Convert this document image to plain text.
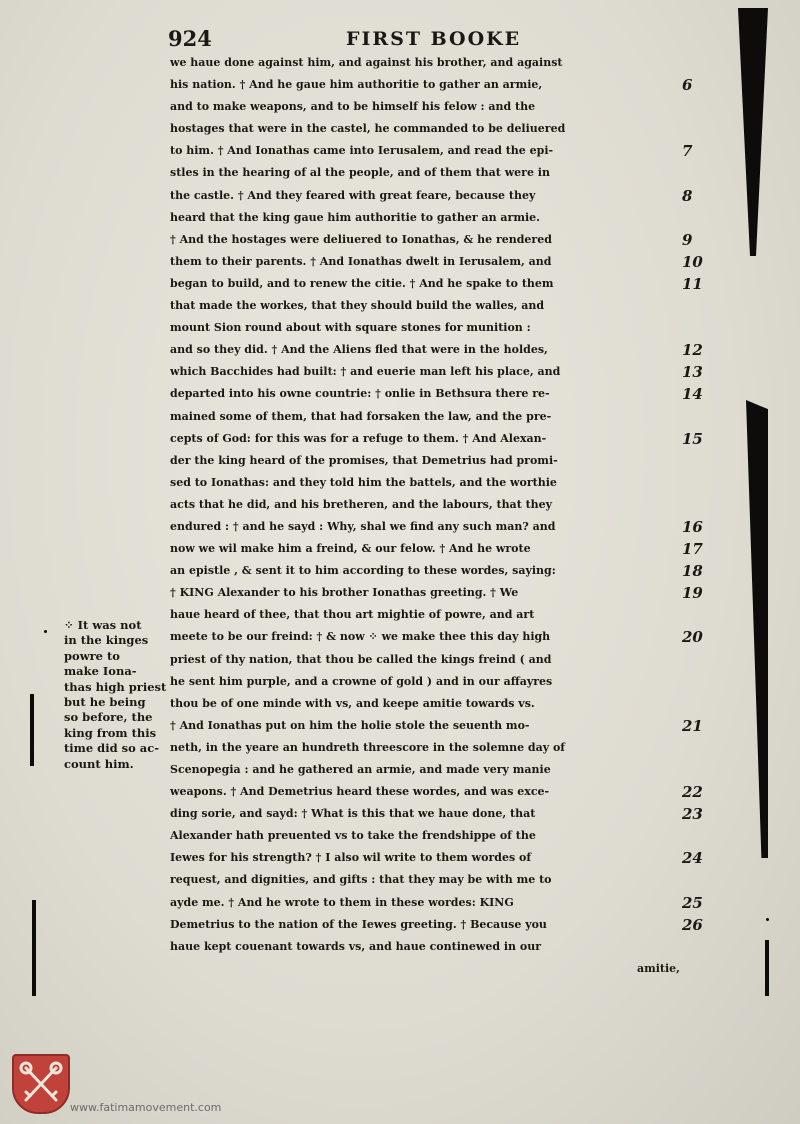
924	FIRST BOOKE
we haue done against him, and against his brother, and against
his nation. † And he gaue him authoritie to gather an armie,
and to make weapons, and to be himself his felow : and the
hostages that were in the castel, he commanded to be deliuered
to him. † And Ionathas came into Ierusalem, and read the epi-
stles in the hearing of al the people, and of them that were in
the castle. † And they feared with great feare, because they
heard that the king gaue him authoritie to gather an armie.
† And the hostages were deliuered to Ionathas, & he rendered
them to their parents. † And Ionathas dwelt in Ierusalem, and
began to build, and to renew the citie. † And he spake to them
that made the workes, that they should build the walles, and
mount Sion round about with square stones for munition :
and so they did. † And the Aliens fled that were in the holdes,
which Bacchides had built: † and euerie man left his place, and
departed into his owne countrie: † onlie in Bethsura there re-
mained some of them, that had forsaken the law, and the pre-
cepts of God: for this was for a refuge to them. † And Alexan-
der the king heard of the promises, that Demetrius had promi-
sed to Ionathas: and they told him the battels, and the worthie
acts that he did, and his bretheren, and the labours, that they
endured : † and he sayd : Why, shal we find any such man? and
now we wil make him a freind, & our felow. † And he wrote
an epistle , & sent it to him according to these wordes, saying:
† KING Alexander to his brother Ionathas greeting. † We
haue heard of thee, that thou art mightie of powre, and art
meete to be our freind: † & now ⁘ we make thee this day high
priest of thy nation, that thou be called the kings freind ( and
he sent him purple, and a crowne of gold ) and in our affayres
thou be of one minde with vs, and keepe amitie towards vs.
† And Ionathas put on him the holie stole the seuenth mo-
neth, in the yeare an hundreth threescore in the solemne day of
Scenopegia : and he gathered an armie, and made very manie
weapons. † And Demetrius heard these wordes, and was exce-
ding sorie, and sayd: † What is this that we haue done, that
Alexander hath preuented vs to take the frendshippe of the
Iewes for his strength? † I also wil write to them wordes of
request, and dignities, and gifts : that they may be with me to
ayde me. † And he wrote to them in these wordes: KING
Demetrius to the nation of the Iewes greeting. † Because you
haue kept couenant towards vs, and haue continewed in our
amitie,
6
7
8
9
10
11
12
13
14
15
16
17
18
19
20
21
22
23
24
25
26
⁘ It was not
in the kinges
powre to
make Iona-
thas high priest
but he being
so before, the
king from this
time did so ac-
count him.
www.fatimamovement.com
